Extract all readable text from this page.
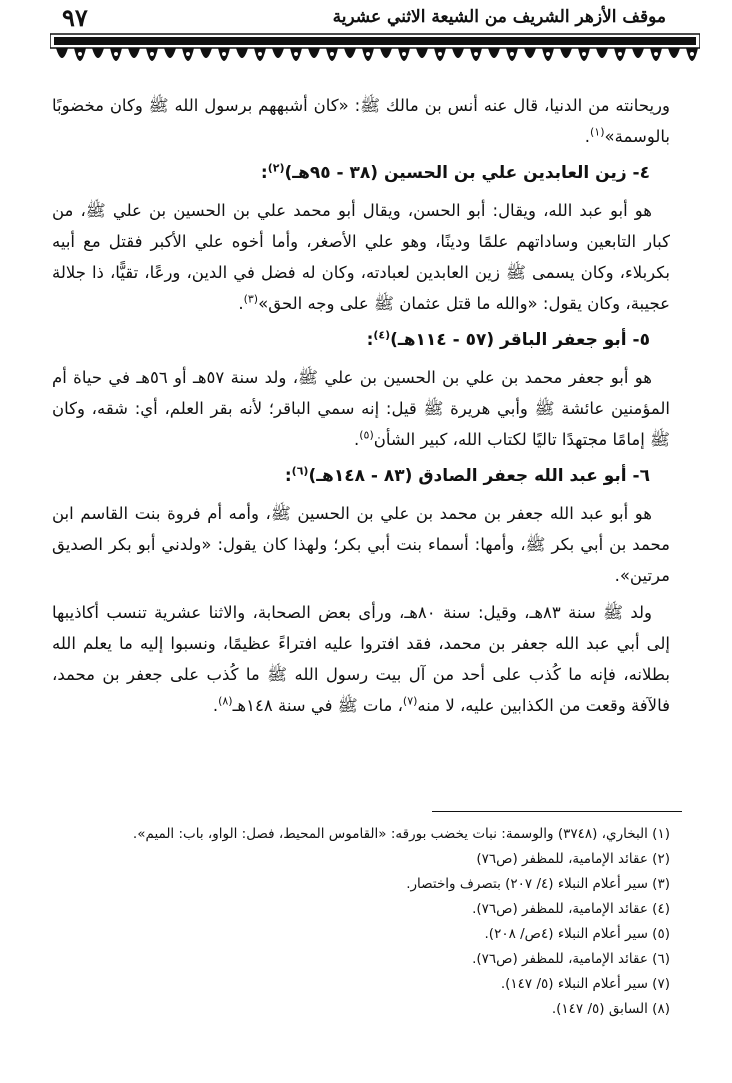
٩٧	موقف الأزهر الشريف من الشيعة الاثني عشرية

وريحانته من الدنيا، قال عنه أنس بن مالك ﷺ: «كان أشبههم برسول الله ﷺ وكان مخضوبًا بالوسمة»$^{(١)}$.

٤- زين العابدين علي بن الحسين (٣٨ - ٩٥هـ)$^{(٢)}$:

هو أبو عبد الله، ويقال: أبو الحسن، ويقال أبو محمد علي بن الحسين بن علي ﷺ، من كبار التابعين وساداتهم علمًا ودينًا، وهو علي الأصغر، وأما أخوه علي الأكبر فقتل مع أبيه بكربلاء، وكان يسمى ﷺ زين العابدين لعبادته، وكان له فضل في الدين، ورعًا، تقيًّا، ذا جلالة عجيبة، وكان يقول: «والله ما قتل عثمان ﷺ على وجه الحق»$^{(٣)}$.

٥- أبو جعفر الباقر (٥٧ - ١١٤هـ)$^{(٤)}$:

هو أبو جعفر محمد بن علي بن الحسين بن علي ﷺ، ولد سنة ٥٧هـ أو ٥٦هـ في حياة أم المؤمنين عائشة ﷺ وأبي هريرة ﷺ قيل: إنه سمي الباقر؛ لأنه بقر العلم، أي: شقه، وكان ﷺ إمامًا مجتهدًا تاليًا لكتاب الله، كبير الشأن$^{(٥)}$.

٦- أبو عبد الله جعفر الصادق (٨٣ - ١٤٨هـ)$^{(٦)}$:

هو أبو عبد الله جعفر بن محمد بن علي بن الحسين ﷺ، وأمه أم فروة بنت القاسم ابن محمد بن أبي بكر ﷺ، وأمها: أسماء بنت أبي بكر؛ ولهذا كان يقول: «ولدني أبو بكر الصديق مرتين».

ولد ﷺ سنة ٨٣هـ، وقيل: سنة ٨٠هـ، ورأى بعض الصحابة، والاثنا عشرية تنسب أكاذيبها إلى أبي عبد الله جعفر بن محمد، فقد افتروا عليه افتراءً عظيمًا، ونسبوا إليه ما يعلم الله بطلانه، فإنه ما كُذب على أحد من آل بيت رسول الله ﷺ ما كُذب على جعفر بن محمد، فالآفة وقعت من الكذابين عليه، لا منه$^{(٧)}$، مات ﷺ في سنة ١٤٨هـ$^{(٨)}$.

(١) البخاري، (٣٧٤٨) والوسمة: نبات يخضب بورقه: «القاموس المحيط، فصل: الواو، باب: الميم».
(٢) عقائد الإمامية، للمظفر (ص٧٦)
(٣) سير أعلام النبلاء (٤/ ٢٠٧) بتصرف واختصار.
(٤) عقائد الإمامية، للمظفر (ص٧٦).
(٥) سير أعلام النبلاء (٤ص/ ٢٠٨).
(٦) عقائد الإمامية، للمظفر (ص٧٦).
(٧) سير أعلام النبلاء (٥/ ١٤٧).
(٨) السابق (٥/ ١٤٧).
